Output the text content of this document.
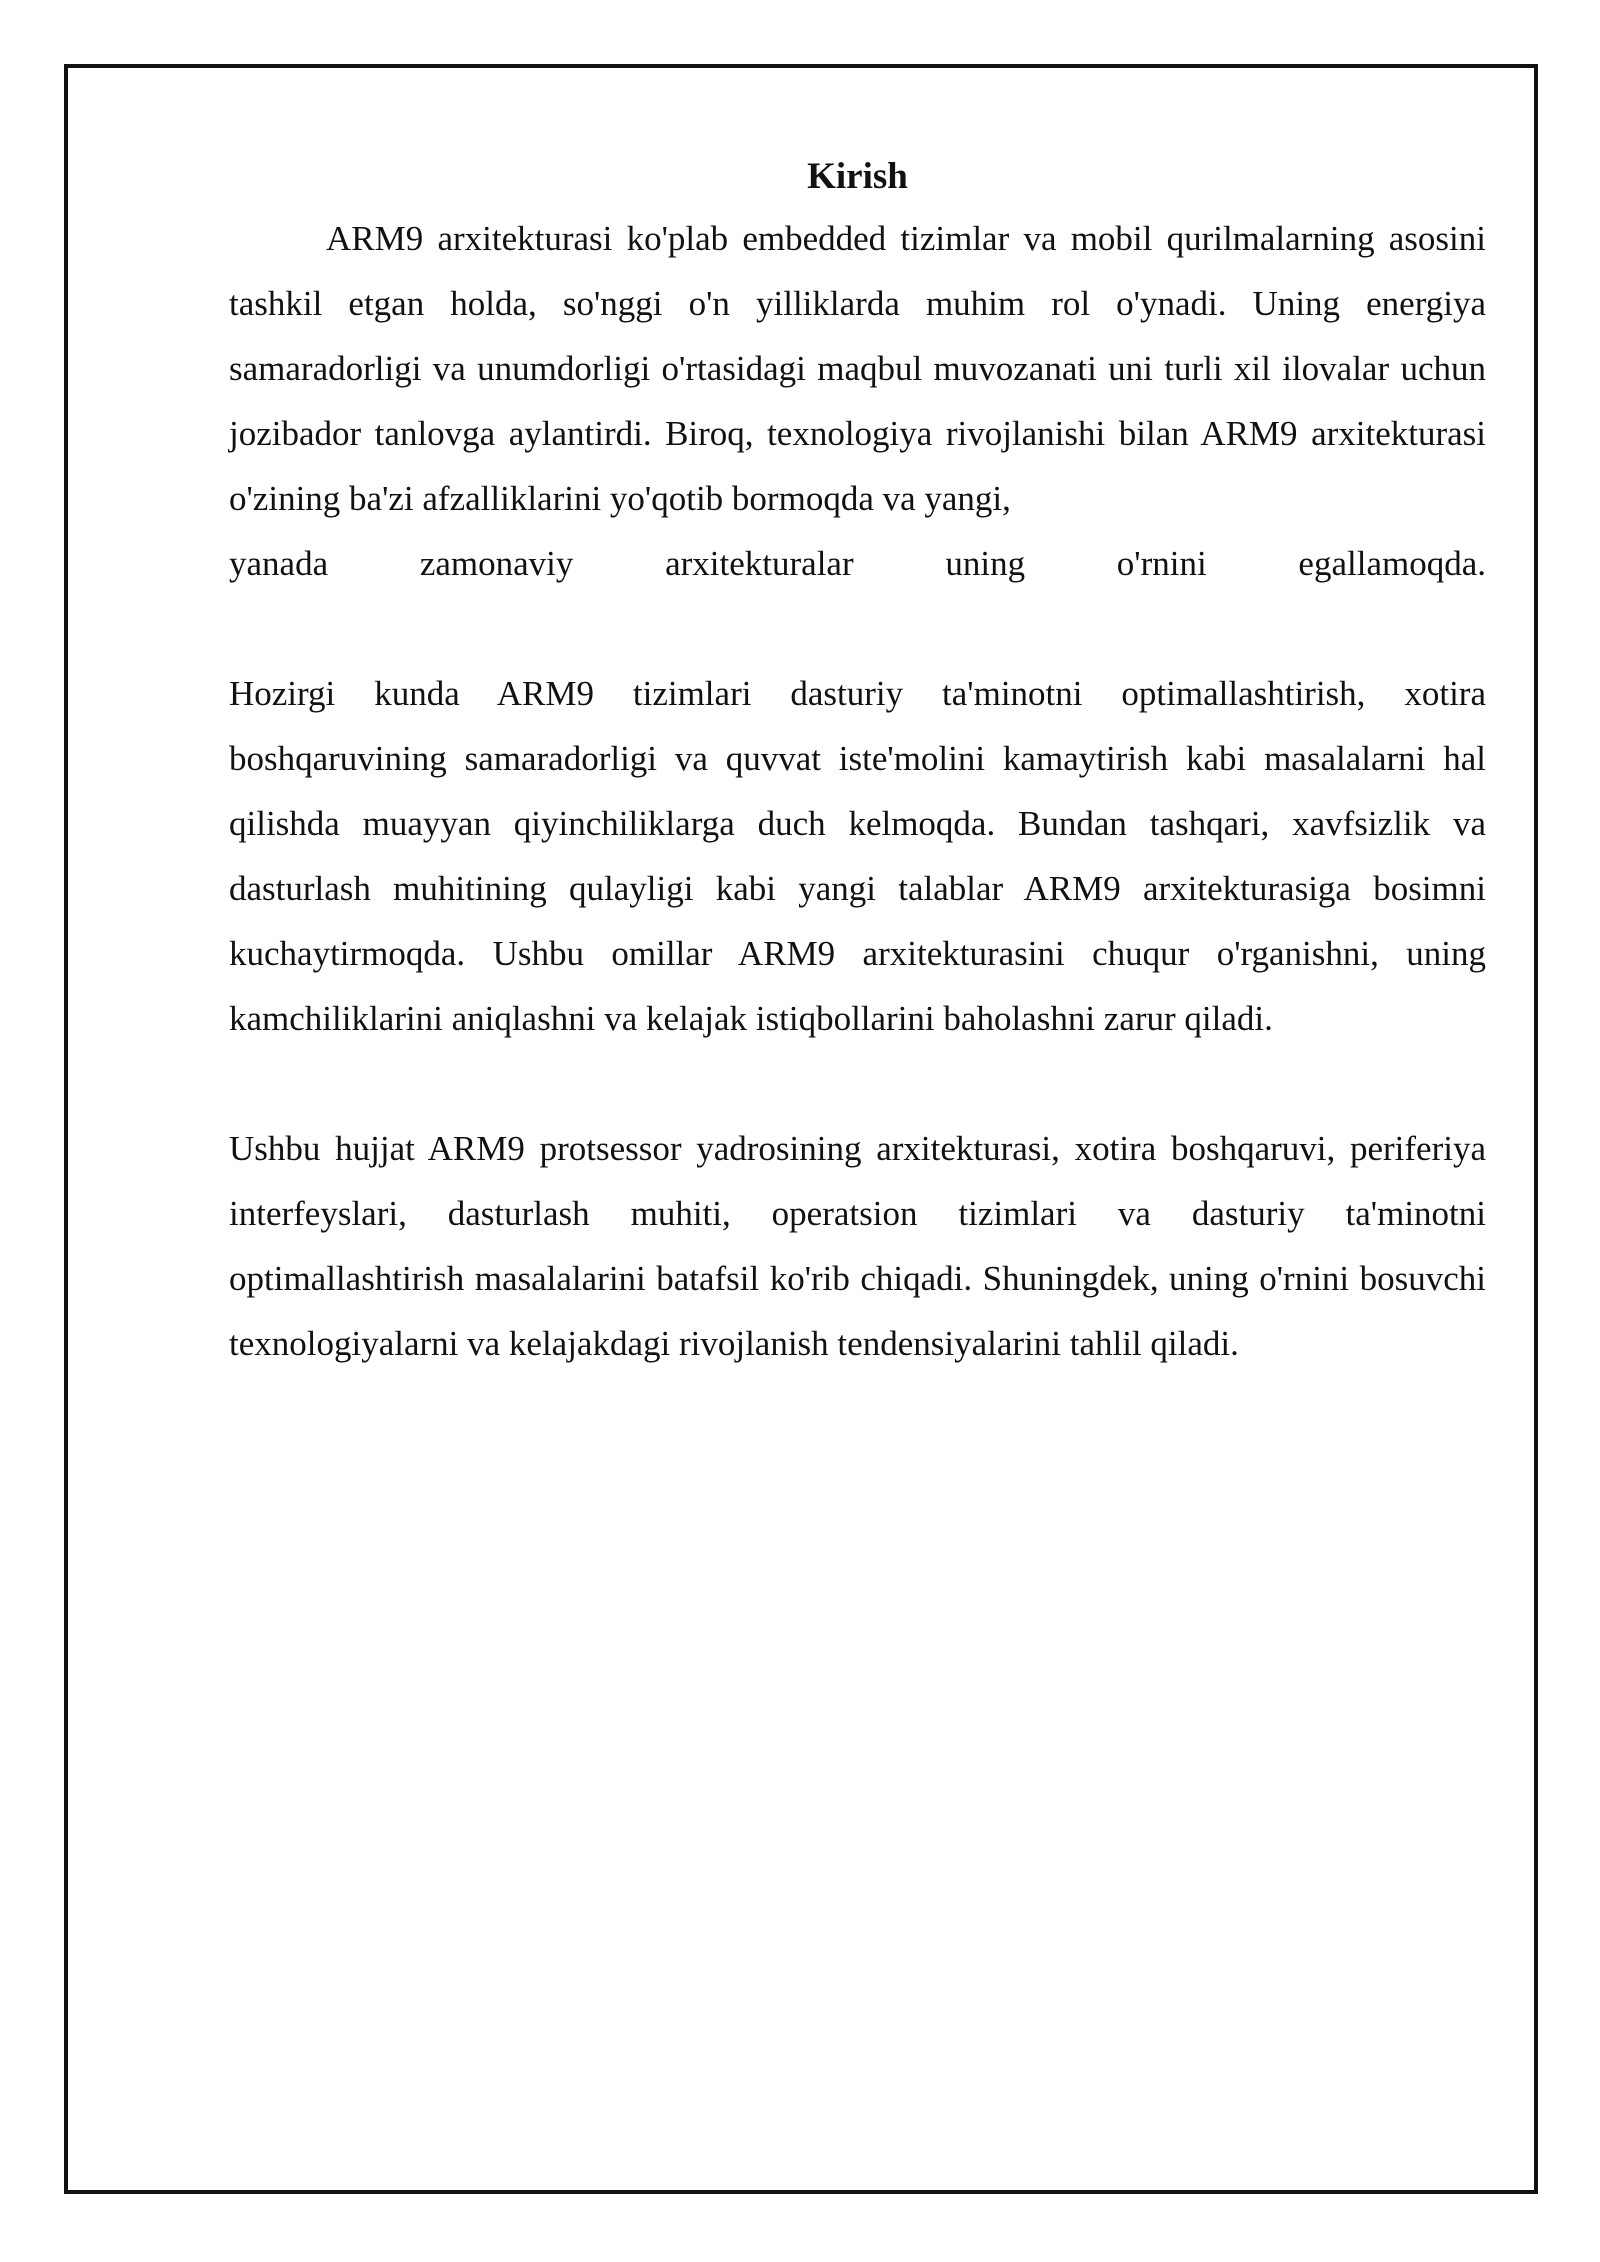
Kirish

ARM9 arxitekturasi ko'plab embedded tizimlar va mobil qurilmalarning asosini tashkil etgan holda, so'nggi o'n yilliklarda muhim rol o'ynadi. Uning energiya samaradorligi va unumdorligi o'rtasidagi maqbul muvozanati uni turli xil ilovalar uchun jozibador tanlovga aylantirdi. Biroq, texnologiya rivojlanishi bilan ARM9 arxitekturasi o'zining ba'zi afzalliklarini yo'qotib bormoqda va yangi,

yanada zamonaviy arxitekturalar uning o'rnini egallamoqda.

Hozirgi kunda ARM9 tizimlari dasturiy ta'minotni optimallashtirish, xotira boshqaruvining samaradorligi va quvvat iste'molini kamaytirish kabi masalalarni hal qilishda muayyan qiyinchiliklarga duch kelmoqda. Bundan tashqari, xavfsizlik va dasturlash muhitining qulayligi kabi yangi talablar ARM9 arxitekturasiga bosimni kuchaytirmoqda. Ushbu omillar ARM9 arxitekturasini chuqur o'rganishni, uning kamchiliklarini aniqlashni va kelajak istiqbollarini baholashni zarur qiladi.

Ushbu hujjat ARM9 protsessor yadrosining arxitekturasi, xotira boshqaruvi, periferiya interfeyslari, dasturlash muhiti, operatsion tizimlari va dasturiy ta'minotni optimallashtirish masalalarini batafsil ko'rib chiqadi. Shuningdek, uning o'rnini bosuvchi texnologiyalarni va kelajakdagi rivojlanish tendensiyalarini tahlil qiladi.
